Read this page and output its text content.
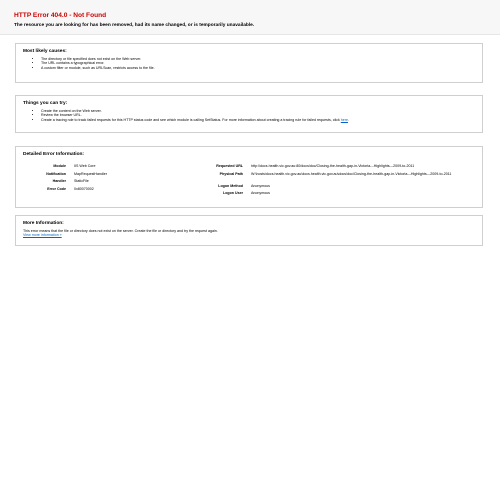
HTTP Error 404.0 - Not Found
The resource you are looking for has been removed, had its name changed, or is temporarily unavailable.
Most likely causes:
• The directory or file specified does not exist on the Web server.
• The URL contains a typographical error.
• A custom filter or module, such as URLScan, restricts access to the file.
Things you can try:
• Create the content on the Web server.
• Review the browser URL.
• Create a tracing rule to track failed requests for this HTTP status code and see which module is calling SetStatus. For more information about creating a tracing rule for failed requests, click here.
Detailed Error Information:
Module IIS Web Core
Notification MapRequestHandler
Handler StaticFile
Error Code 0x80070002
Requested URL http://docs.health.vic.gov.au:80/docs/doc/Closing-the-health-gap-in-Victoria---Highlights---2009-to-2011
Physical Path W:\hosts\docs.health.vic.gov.au\docs.health.vic.gov.au\docs\doc\Closing-the-health-gap-in-Victoria---Highlights---2009-to-2011
Logon Method Anonymous
Logon User Anonymous
More Information:

This error means that the file or directory does not exist on the server. Create the file or directory and try the request again.

View more information »
